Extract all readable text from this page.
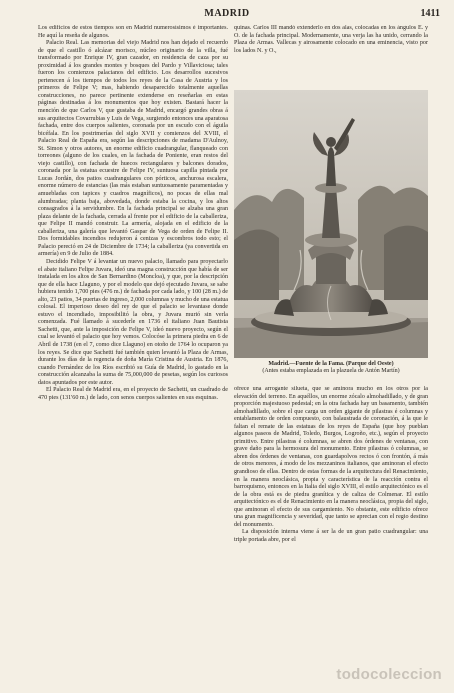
MADRID	1411

Los edificios de estos tiempos son en Madrid numerosísimos é importantes. He aquí la reseña de algunos.

Palacio Real. Las memorias del viejo Madrid nos han dejado el recuerdo de que el castillo ó alcázar morisco, núcleo originario de la villa, fué transformado por Enrique IV, gran cazador, en residencia de caza por su proximidad á los grandes montes y bosques del Pardo y Villaviciosa; tales fueron los comienzos palacianos del edificio. Los desarrollos sucesivos pertenecen á los tiempos de todos los reyes de la Casa de Austria y los primeros de Felipe V; mas, habiendo desaparecido totalmente aquellas construcciones, no parece pertinente extenderse en reseñarlas en estas páginas destinadas á los monumentos que hoy existen. Bastará hacer la mención de que Carlos V, que gustaba de Madrid, encargó grandes obras á sus arquitectos Covarrubias y Luis de Vega, surgiendo entonces una aparatosa fachada, entre dos cuerpos salientes, coronada por un escudo con el águila bicéfala. En los postrimerías del siglo XVII y comienzos del XVIII, el Palacio Real de España era, según las descripciones de madama D'Aulnoy, St. Simon y otros autores, un enorme edificio cuadrangular, flanqueado con torreones (alguno de los cuales, en la fachada de Poniente, eran restos del viejo castillo), con fachada de huecos rectangulares y balcones dorados, coronada por la estatua ecuestre de Felipe IV, suntuosa capilla pintada por Lucas Jordán, dos patios cuadrangulares con pórticos, anchurosa escalera, enorme número de estancias (las más estaban suntuosamente paramentadas y amuebladas con tapices y cuadros magníficos), no pocas de ellas mal alumbradas; planta baja, abovedada, donde estaba la cocina, y los altos consagrados á la servidumbre. En la fachada principal se alzaba una gran plaza delante de la fachada, cerrada al frente por el edificio de la caballeriza, que Felipe II mandó construir. La armería, alojada en el edificio de la caballeriza, una galería que levantó Gaspar de Vega de orden de Felipe II. Dos formidables incendios redujeron á cenizas y escombros todo esto; el Palacio pereció en 24 de Diciembre de 1734; la caballeriza (ya convertida en armería) en 9 de Julio de 1884.

Decidido Felipe V á levantar un nuevo palacio, llamado para proyectarlo el abate italiano Felipe Juvara, ideó una magna construcción que había de ser instalada en los altos de San Bernardino (Moncloa), y que, por la descripción que de ella hace Llaguno, y por el modelo que dejó ejecutado Juvara, se sabe hubiera tenido 1,700 pies (476 m.) de fachada por cada lado, y 100 (28 m.) de alto, 23 patios, 34 puertas de ingreso, 2,000 columnas y mucho de una estatua colosal. El imperioso deseo del rey de que el palacio se levantase donde estuvo el incendiado, imposibilitó la obra, y Juvara murió sin verla comenzada. Fué llamado á sucederle en 1736 el italiano Juan Bautista Sachetti, que, ante la imposición de Felipe V, ideó nuevo proyecto, según el cual se levantó el palacio que hoy vemos. Colocóse la primera piedra en 6 de Abril de 1738 (en el 7, como dice Llaguno) en otoño de 1764 lo ocuparon ya los reyes. Se dice que Sachetti fué también quien levantó la Plaza de Armas, durante los días de la regencia de doña María Cristina de Austria. En 1876, cuando Fernández de los Ríos escribió su Guía de Madrid, lo gastado en la construcción alcanzaba la suma de 75,000,000 de pesetas, según los curiosos datos apuntados por este autor.

El Palacio Real de Madrid era, en el proyecto de Sachetti, un cuadrado de 470 pies (131'60 m.) de lado, con senos cuerpos salientes en sus esquinas.

quinas. Carlos III mandó extenderlo en dos alas, colocadas en los ángulos E. y O. de la fachada principal. Modernamente, una verja las ha unido, cerrando la Plaza de Armas. Vallecas y airosamente colocado en una eminencia, visto por los lados N. y O.,

Madrid.—Fuente de la Fama. (Parque del Oeste)
(Antes estaba emplazada en la plazuela de Antón Martín)

ofrece una arrogante silueta, que se aminora mucho en los otros por la elevación del terreno. En aquéllos, un enorme zócalo almohadillado, y de gran proporción majestuoso pedestal; en la otra fachada hay un basamento, también almohadillado, sobre el que carga un orden gigante de pilastras é columnas y entablamento de orden compuesto, con balaustrada de coronación, á la que le faltan el remate de las estatuas de los reyes de España (que hoy pueblan algunos paseos de Madrid, Toledo, Burgos, Logroño, etc.), según el proyecto primitivo. Entre pilastras é columnas, se abren dos órdenes de ventanas, con grave daño para la hermosura del monumento. Entre pilastras ó columnas, se abren dos órdenes de ventanas, con guardapolvos rectos ó con frontón, á más de otros menores, á modo de los mezzaninos italianos, que aminoran el efecto grandioso de ellas. Dentro de estas formas de la arquitectura del Renacimiento, en la manera neoclásica, propia y característica de la reacción contra el barroquismo, entonces en la Italia del siglo XVIII, el estilo arquitectónico es el de la obra está es de piedra granítica y de caliza de Colmenar. El estilo arquitectónico es el de Renacimiento en la manera neoclásica, propia del siglo, que aminoran el efecto de sus cargamiento. No obstante, este edificio ofrece una gran magnificencia y severidad, que tanto se aprecian con el regio destino del monumento.

La disposición interna viene á ser la de un gran patio cuadrangular: una triple portada abre, por el

todocoleccion
